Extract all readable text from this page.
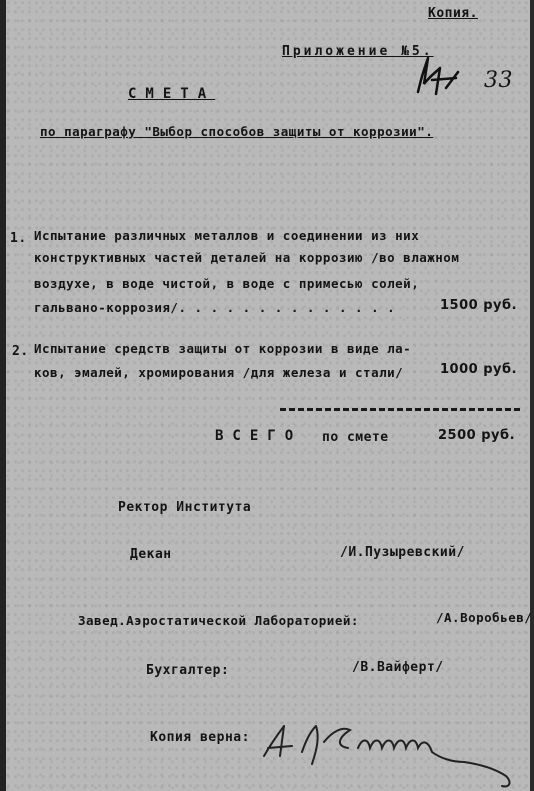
Копия.
Приложение №5.
33
СМЕТА
по параграфу "Выбор способов защиты от коррозии".
1. Испытание различных металлов и соединении из них
конструктивных частей деталей на коррозию /во влажном
воздухе, в воде чистой, в воде с примесью солей,
гальвано-коррозия/. . . . . . . . . . . . . .	1500 руб.
2. Испытание средств защиты от коррозии в виде ла-
ков, эмалей, хромирования /для железа и стали/	1000 руб.
ВСЕГО по смете	2500 руб.
Ректор Института
Декан	/И.Пузыревский/
Завед.Аэростатической Лабораторией:	/А.Воробьев/
Бухгалтер:	/В.Вайферт/
Копия верна:
